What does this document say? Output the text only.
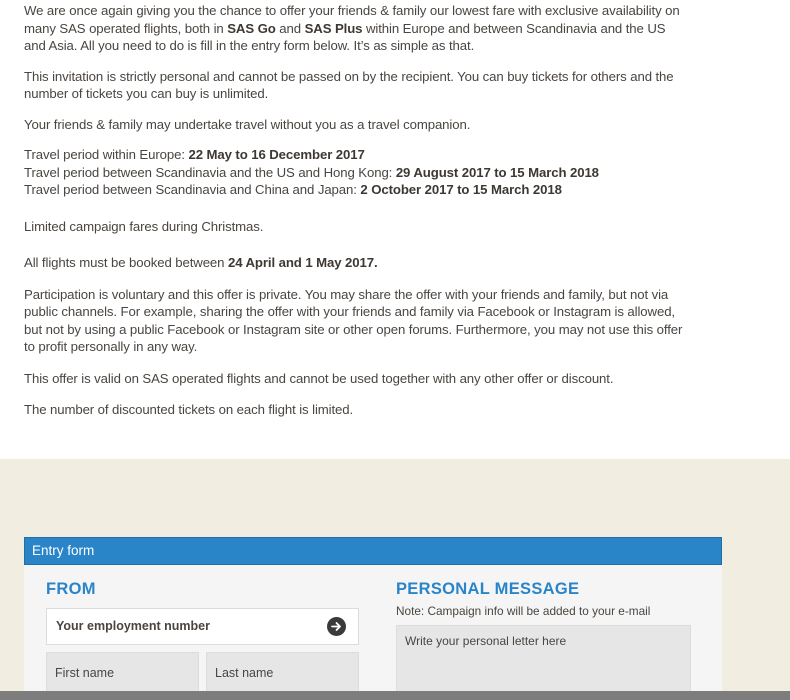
We are once again giving you the chance to offer your friends & family our lowest fare with exclusive availability on many SAS operated flights, both in SAS Go and SAS Plus within Europe and between Scandinavia and the US and Asia. All you need to do is fill in the entry form below. It’s as simple as that.

This invitation is strictly personal and cannot be passed on by the recipient. You can buy tickets for others and the number of tickets you can buy is unlimited.

Your friends & family may undertake travel without you as a travel companion.

Travel period within Europe: 22 May to 16 December 2017
Travel period between Scandinavia and the US and Hong Kong: 29 August 2017 to 15 March 2018
Travel period between Scandinavia and China and Japan: 2 October 2017 to 15 March 2018

Limited campaign fares during Christmas.

All flights must be booked between 24 April and 1 May 2017.

Participation is voluntary and this offer is private. You may share the offer with your friends and family, but not via public channels. For example, sharing the offer with your friends and family via Facebook or Instagram is allowed, but not by using a public Facebook or Instagram site or other open forums. Furthermore, you may not use this offer to profit personally in any way.

This offer is valid on SAS operated flights and cannot be used together with any other offer or discount.

The number of discounted tickets on each flight is limited.

Entry form
FROM
Your employment number
First name	Last name
PERSONAL MESSAGE
Note: Campaign info will be added to your e-mail
Write your personal letter here
